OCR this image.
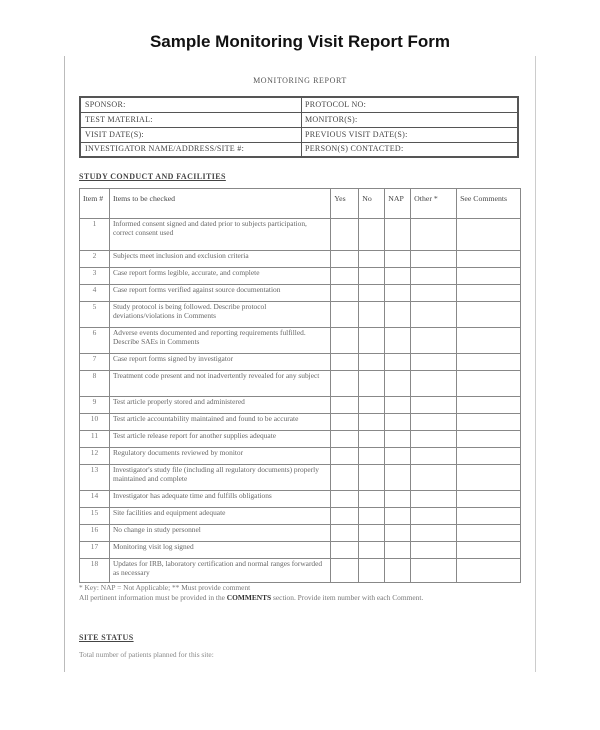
Sample Monitoring Visit Report Form
MONITORING REPORT
SPONSOR:	PROTOCOL NO:
TEST MATERIAL:	MONITOR(S):
VISIT DATE(S):	PREVIOUS VISIT DATE(S):
INVESTIGATOR NAME/ADDRESS/SITE #:	PERSON(S) CONTACTED:
STUDY CONDUCT AND FACILITIES
Item #	Items to be checked	Yes	No	NAP	Other *	See Comments
1	Informed consent signed and dated prior to subjects participation, correct consent used					
2	Subjects meet inclusion and exclusion criteria					
3	Case report forms legible, accurate, and complete					
4	Case report forms verified against source documentation					
5	Study protocol is being followed. Describe protocol deviations/violations in Comments					
6	Adverse events documented and reporting requirements fulfilled. Describe SAEs in Comments					
7	Case report forms signed by investigator					
8	Treatment code present and not inadvertently revealed for any subject					
9	Test article properly stored and administered					
10	Test article accountability maintained and found to be accurate					
11	Test article release report for another supplies adequate					
12	Regulatory documents reviewed by monitor					
13	Investigator's study file (including all regulatory documents) properly maintained and complete					
14	Investigator has adequate time and fulfills obligations					
15	Site facilities and equipment adequate					
16	No change in study personnel					
17	Monitoring visit log signed					
18	Updates for IRB, laboratory certification and normal ranges forwarded as necessary					
* Key: NAP = Not Applicable; ** Must provide comment
All pertinent information must be provided in the COMMENTS section. Provide item number with each Comment.
SITE STATUS
Total number of patients planned for this site:
